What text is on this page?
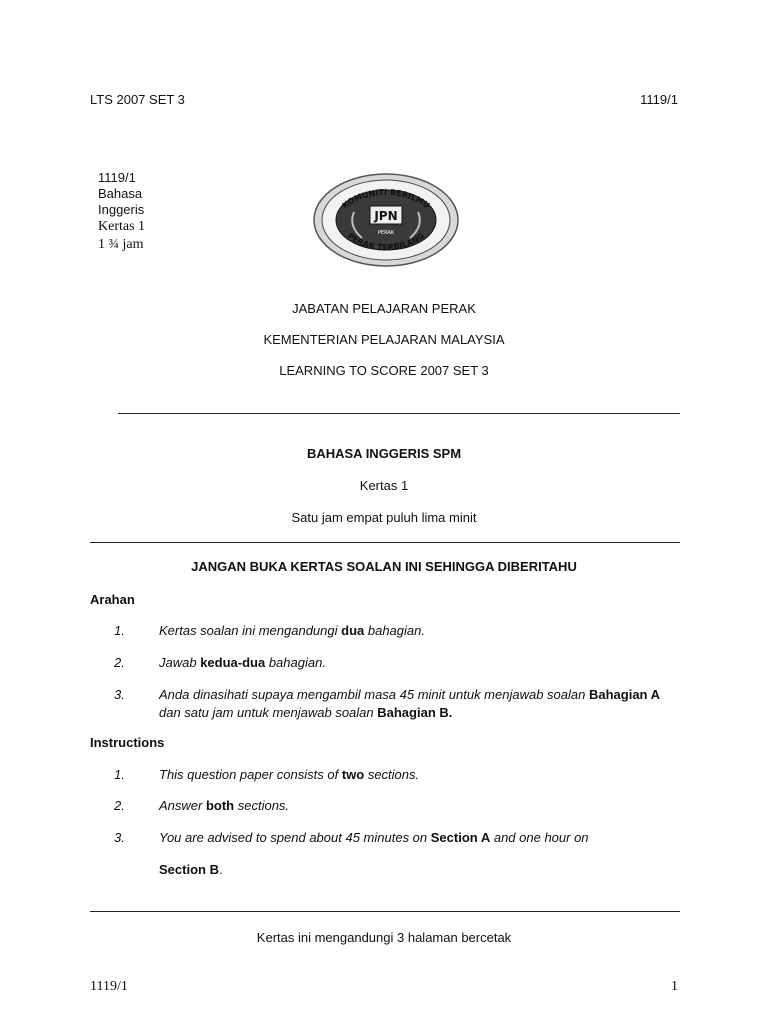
LTS 2007 SET 3	1119/1
1119/1
Bahasa
Inggeris
Kertas 1
1 ¾ jam
KOMUNITI BERILMU
PERAK TERBILANG
JPN
PERAK
JABATAN PELAJARAN PERAK
KEMENTERIAN PELAJARAN MALAYSIA
LEARNING TO SCORE 2007 SET 3
BAHASA INGGERIS SPM
Kertas 1
Satu jam empat puluh lima minit
JANGAN BUKA KERTAS SOALAN INI SEHINGGA DIBERITAHU
Arahan
1.	Kertas soalan ini mengandungi dua bahagian.
2.	Jawab kedua-dua bahagian.
3.	Anda dinasihati supaya mengambil masa 45 minit untuk menjawab soalan Bahagian A dan satu jam untuk menjawab soalan Bahagian B.
Instructions
1.	This question paper consists of two sections.
2.	Answer both sections.
3.	You are advised to spend about 45 minutes on Section A and one hour on
Section B.
Kertas ini mengandungi 3 halaman bercetak
1119/1	1
